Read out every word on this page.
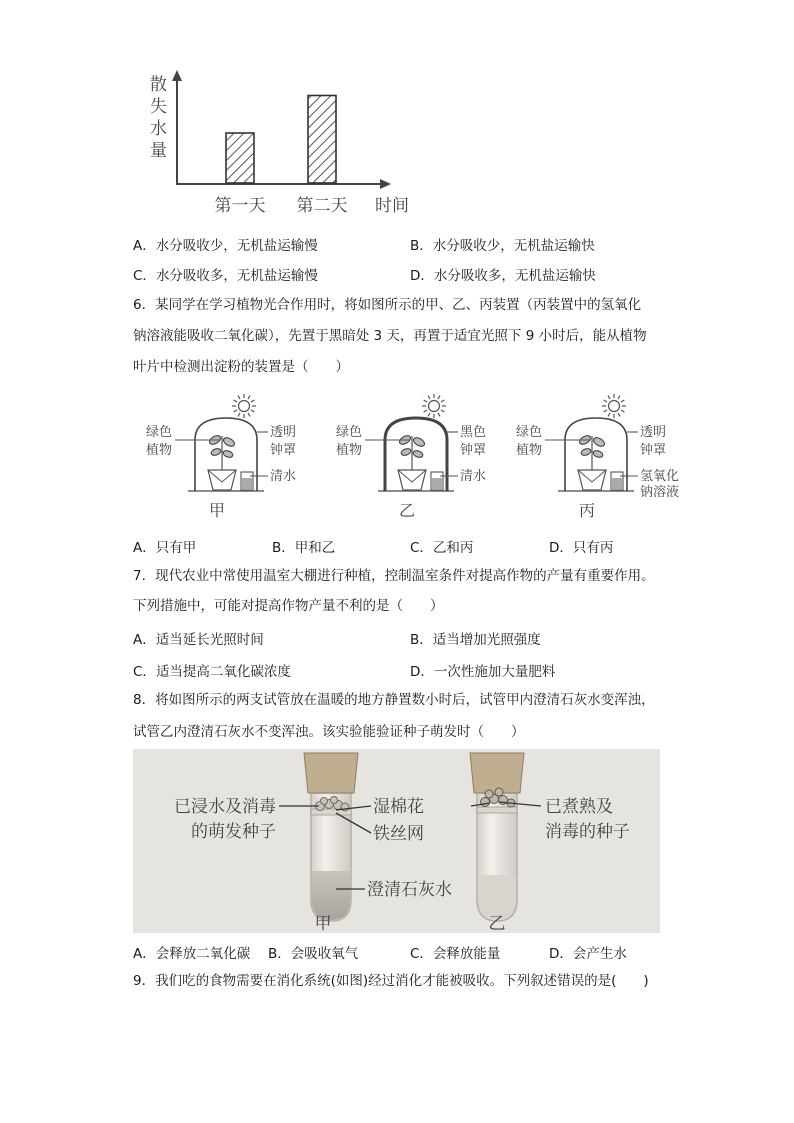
散 失 水 量
第一天 第二天 时间
A．水分吸收少，无机盐运输慢	B．水分吸收少，无机盐运输快
C．水分吸收多，无机盐运输慢	D．水分吸收多，无机盐运输快
6．某同学在学习植物光合作用时，将如图所示的甲、乙、丙装置（丙装置中的氢氧化
钠溶液能吸收二氧化碳），先置于黑暗处 3 天，再置于适宜光照下 9 小时后，能从植物
叶片中检测出淀粉的装置是（　　）
绿色
植物
透明
钟罩
清水
甲
绿色
植物
黑色
钟罩
清水
乙
绿色
植物
透明
钟罩
氢氧化
钠溶液
丙
A．只有甲	B．甲和乙	C．乙和丙	D．只有丙
7．现代农业中常使用温室大棚进行种植，控制温室条件对提高作物的产量有重要作用。
下列措施中，可能对提高作物产量不利的是（　　）
A．适当延长光照时间	B．适当增加光照强度
C．适当提高二氧化碳浓度	D．一次性施加大量肥料
8．将如图所示的两支试管放在温暖的地方静置数小时后，试管甲内澄清石灰水变浑浊，
试管乙内澄清石灰水不变浑浊。该实验能验证种子萌发时（　　）
已浸水及消毒
的萌发种子
湿棉花
铁丝网
澄清石灰水
已煮熟及
消毒的种子
甲	乙
A．会释放二氧化碳 B．会吸收氧气	C．会释放能量	D．会产生水
9．我们吃的食物需要在消化系统(如图)经过消化才能被吸收。下列叙述错误的是(　　)
